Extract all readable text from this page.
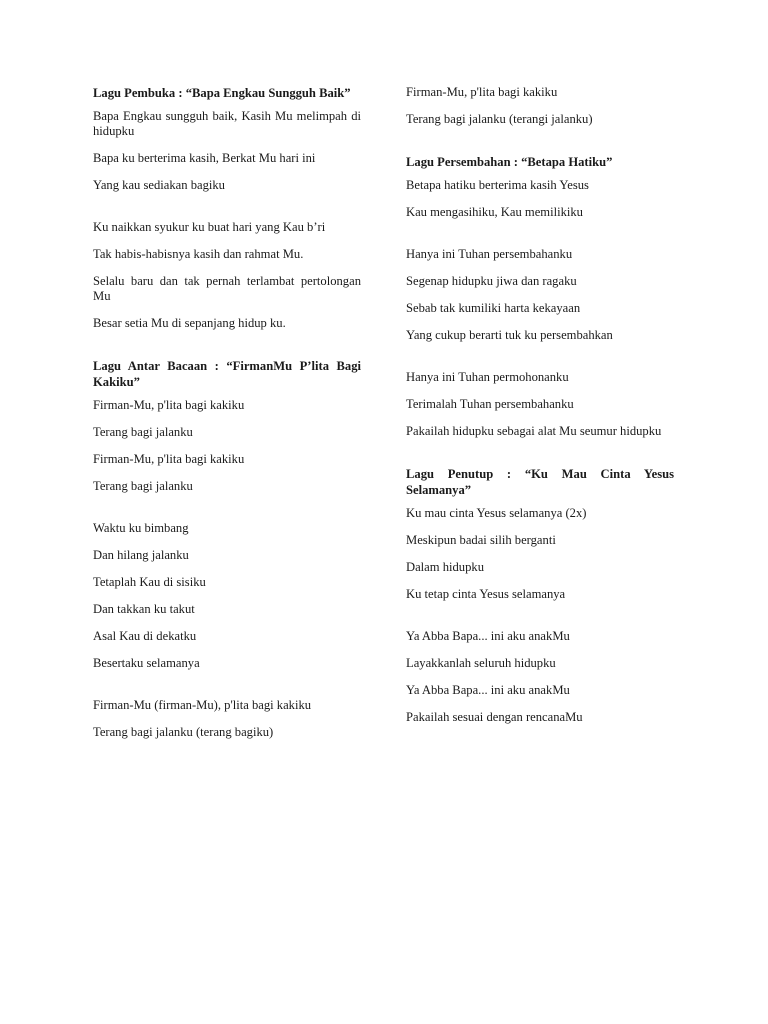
Lagu Pembuka : “Bapa Engkau Sungguh Baik”
Bapa Engkau sungguh baik, Kasih Mu melimpah di hidupku
Bapa ku berterima kasih, Berkat Mu hari ini
Yang kau sediakan bagiku
Ku naikkan syukur ku buat hari yang Kau b’ri
Tak habis-habisnya kasih dan rahmat Mu.
Selalu baru dan tak pernah terlambat pertolongan Mu
Besar setia Mu di sepanjang hidup ku.
Lagu Antar Bacaan : “FirmanMu P’lita Bagi Kakiku”
Firman-Mu, p'lita bagi kakiku
Terang bagi jalanku
Firman-Mu, p'lita bagi kakiku
Terang bagi jalanku
Waktu ku bimbang
Dan hilang jalanku
Tetaplah Kau di sisiku
Dan takkan ku takut
Asal Kau di dekatku
Besertaku selamanya
Firman-Mu (firman-Mu), p'lita bagi kakiku
Terang bagi jalanku (terang bagiku)
Firman-Mu, p'lita bagi kakiku
Terang bagi jalanku (terangi jalanku)
Lagu Persembahan : “Betapa Hatiku”
Betapa hatiku berterima kasih Yesus
Kau mengasihiku, Kau memilikiku
Hanya ini Tuhan persembahanku
Segenap hidupku jiwa dan ragaku
Sebab tak kumiliki harta kekayaan
Yang cukup berarti tuk ku persembahkan
Hanya ini Tuhan permohonanku
Terimalah Tuhan persembahanku
Pakailah hidupku sebagai alat Mu seumur hidupku
Lagu Penutup : “Ku Mau Cinta Yesus Selamanya”
Ku mau cinta Yesus selamanya (2x)
Meskipun badai silih berganti
Dalam hidupku
Ku tetap cinta Yesus selamanya
Ya Abba Bapa... ini aku anakMu
Layakkanlah seluruh hidupku
Ya Abba Bapa... ini aku anakMu
Pakailah sesuai dengan rencanaMu
